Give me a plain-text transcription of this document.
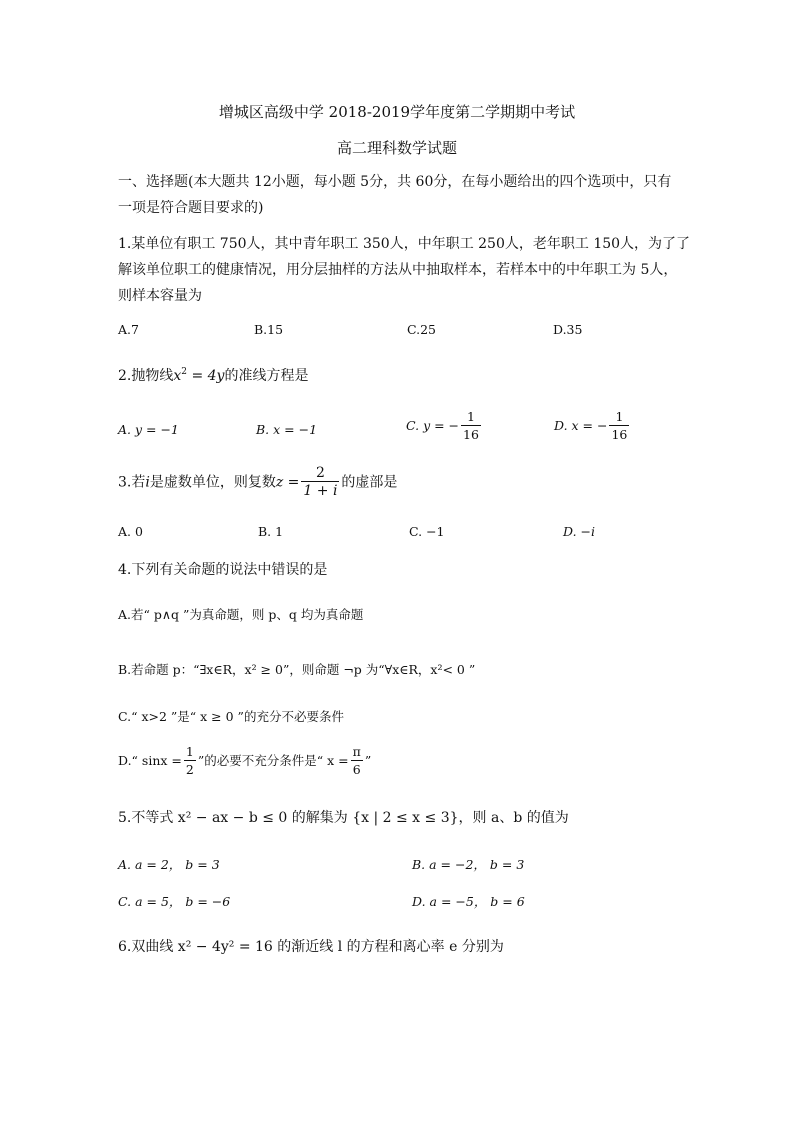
增城区高级中学 2018-2019学年度第二学期期中考试
高二理科数学试题
一、选择题(本大题共 12小题，每小题 5分，共 60分，在每小题给出的四个选项中，只有
一项是符合题目要求的)
1.某单位有职工 750人，其中青年职工 350人，中年职工 250人，老年职工 150人，为了了
解该单位职工的健康情况，用分层抽样的方法从中抽取样本，若样本中的中年职工为 5人，
则样本容量为
A.7	B.15	C.25	D.35
2.抛物线$x^2 = 4y$的准线方程是
A. y = −1	B. x = −1	C. y = − $\frac{1}{16}$	D. x = − $\frac{1}{16}$
3.若i是虚数单位，则复数$z = \frac{2}{1 + i}$ 的虚部是
A. 0	B. 1	C. −1	D. −i
4.下列有关命题的说法中错误的是
A.若“ p∧q ”为真命题，则 p、q 均为真命题
B.若命题 p：“∃x∈R，x² ≥ 0”，则命题 ¬p 为“∀x∈R，x²< 0 ”
C.“ x>2 ”是“ x ≥ 0 ”的充分不必要条件
D.“ $\sin x = \frac{1}{2}$ ”的必要不充分条件是“ $x = \frac{\pi}{6}$ ”
5.不等式 x² − ax − b ≤ 0 的解集为 {x | 2 ≤ x ≤ 3}，则 a、b 的值为
A. a = 2， b = 3	B. a = −2， b = 3
C. a = 5， b = −6	D. a = −5， b = 6
6.双曲线 x² − 4y² = 16 的渐近线 l 的方程和离心率 e 分别为
